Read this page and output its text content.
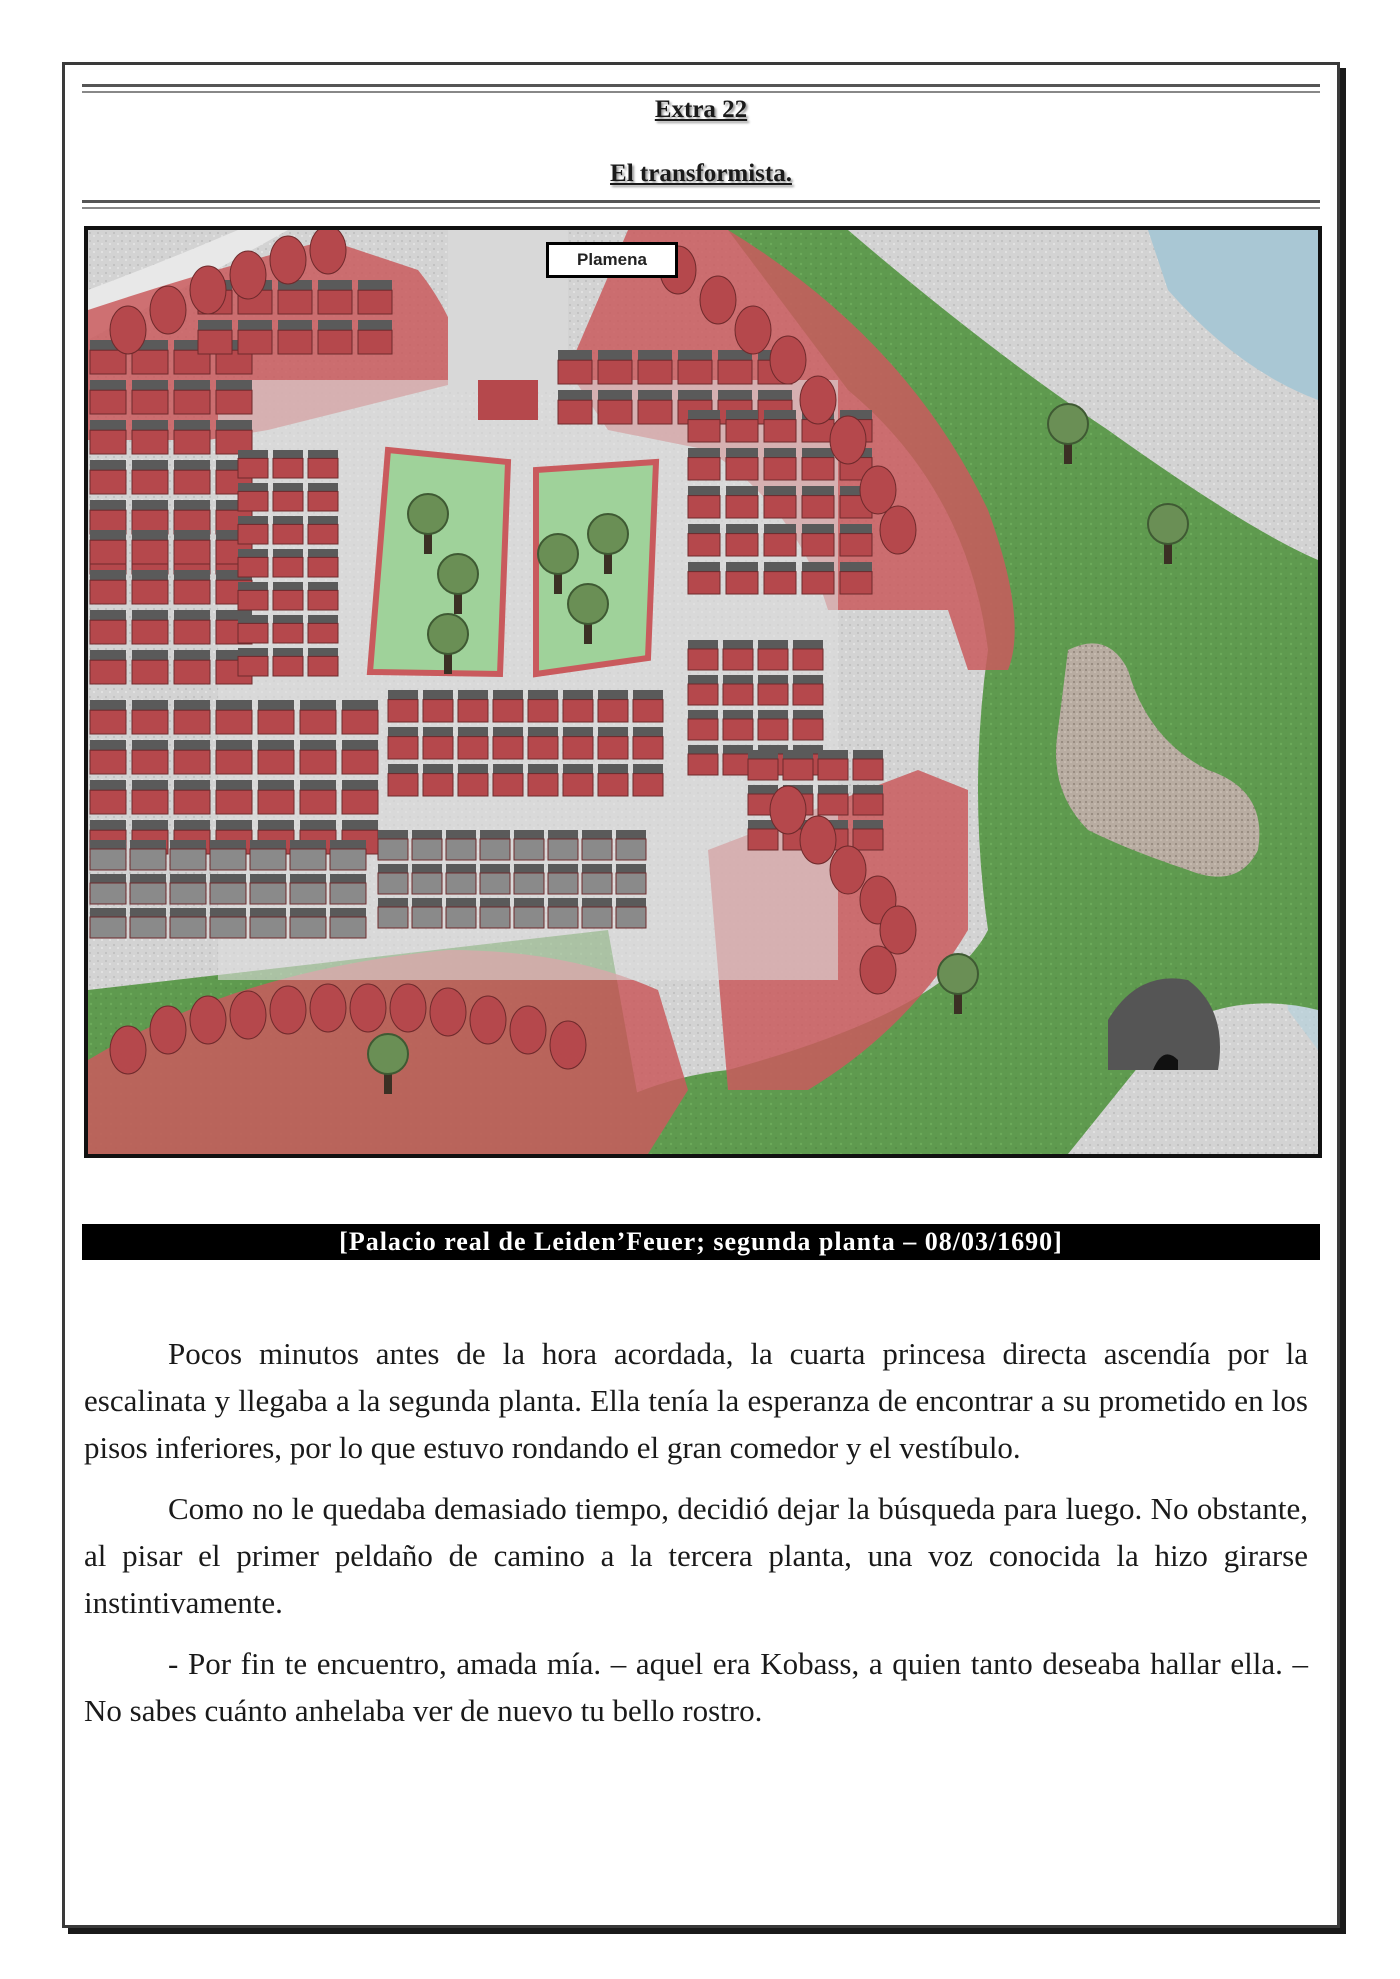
Extra 22
El transformista.
Plamena
[Palacio real de Leiden’Feuer; segunda planta – 08/03/1690]

Pocos minutos antes de la hora acordada, la cuarta princesa directa ascendía por la escalinata y llegaba a la segunda planta. Ella tenía la esperanza de encontrar a su prometido en los pisos inferiores, por lo que estuvo rondando el gran comedor y el vestíbulo.

Como no le quedaba demasiado tiempo, decidió dejar la búsqueda para luego. No obstante, al pisar el primer peldaño de camino a la tercera planta, una voz conocida la hizo girarse instintivamente.

- Por fin te encuentro, amada mía. – aquel era Kobass, a quien tanto deseaba hallar ella. – No sabes cuánto anhelaba ver de nuevo tu bello rostro.
